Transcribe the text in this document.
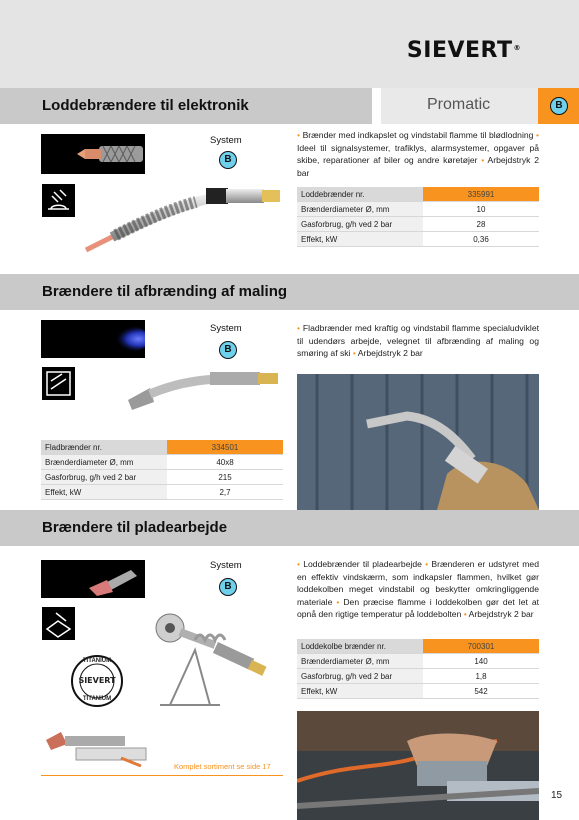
SIEVERT®
Loddebrændere til elektronik	Promatic	B
System
B
• Brænder med indkapslet og vindstabil flamme til blødlodning • Ideel til signalsystemer, trafiklys, alarmsystemer, opgaver på skibe, reparationer af biler og andre køretøjer • Arbejdstryk 2 bar
Loddebrænder nr.	335991
Brænderdiameter Ø, mm	10
Gasforbrug, g/h ved 2 bar	28
Effekt, kW	0,36
Brændere til afbrænding af maling
System
B
• Fladbrænder med kraftig og vindstabil flamme specialudviklet til udendørs arbejde, velegnet til afbrænding af maling og smøring af ski • Arbejdstryk 2 bar
Fladbrænder nr.	334501
Brænderdiameter Ø, mm	40x8
Gasforbrug, g/h ved 2 bar	215
Effekt, kW	2,7
Brændere til pladearbejde
TITANIUM
SIEVERT
TITANIUM
System
B
Komplet sortiment se side 17
• Loddebrænder til pladearbejde • Brænderen er udstyret med en effektiv vindskærm, som indkapsler flammen, hvilket gør loddekolben meget vindstabil og beskytter omkringliggende materiale • Den præcise flamme i loddekolben gør det let at opnå den rigtige temperatur på loddebolten • Arbejdstryk 2 bar
Loddekolbe brænder nr.	700301
Brænderdiameter Ø, mm	140
Gasforbrug, g/h ved 2 bar	1,8
Effekt, kW	542
15
